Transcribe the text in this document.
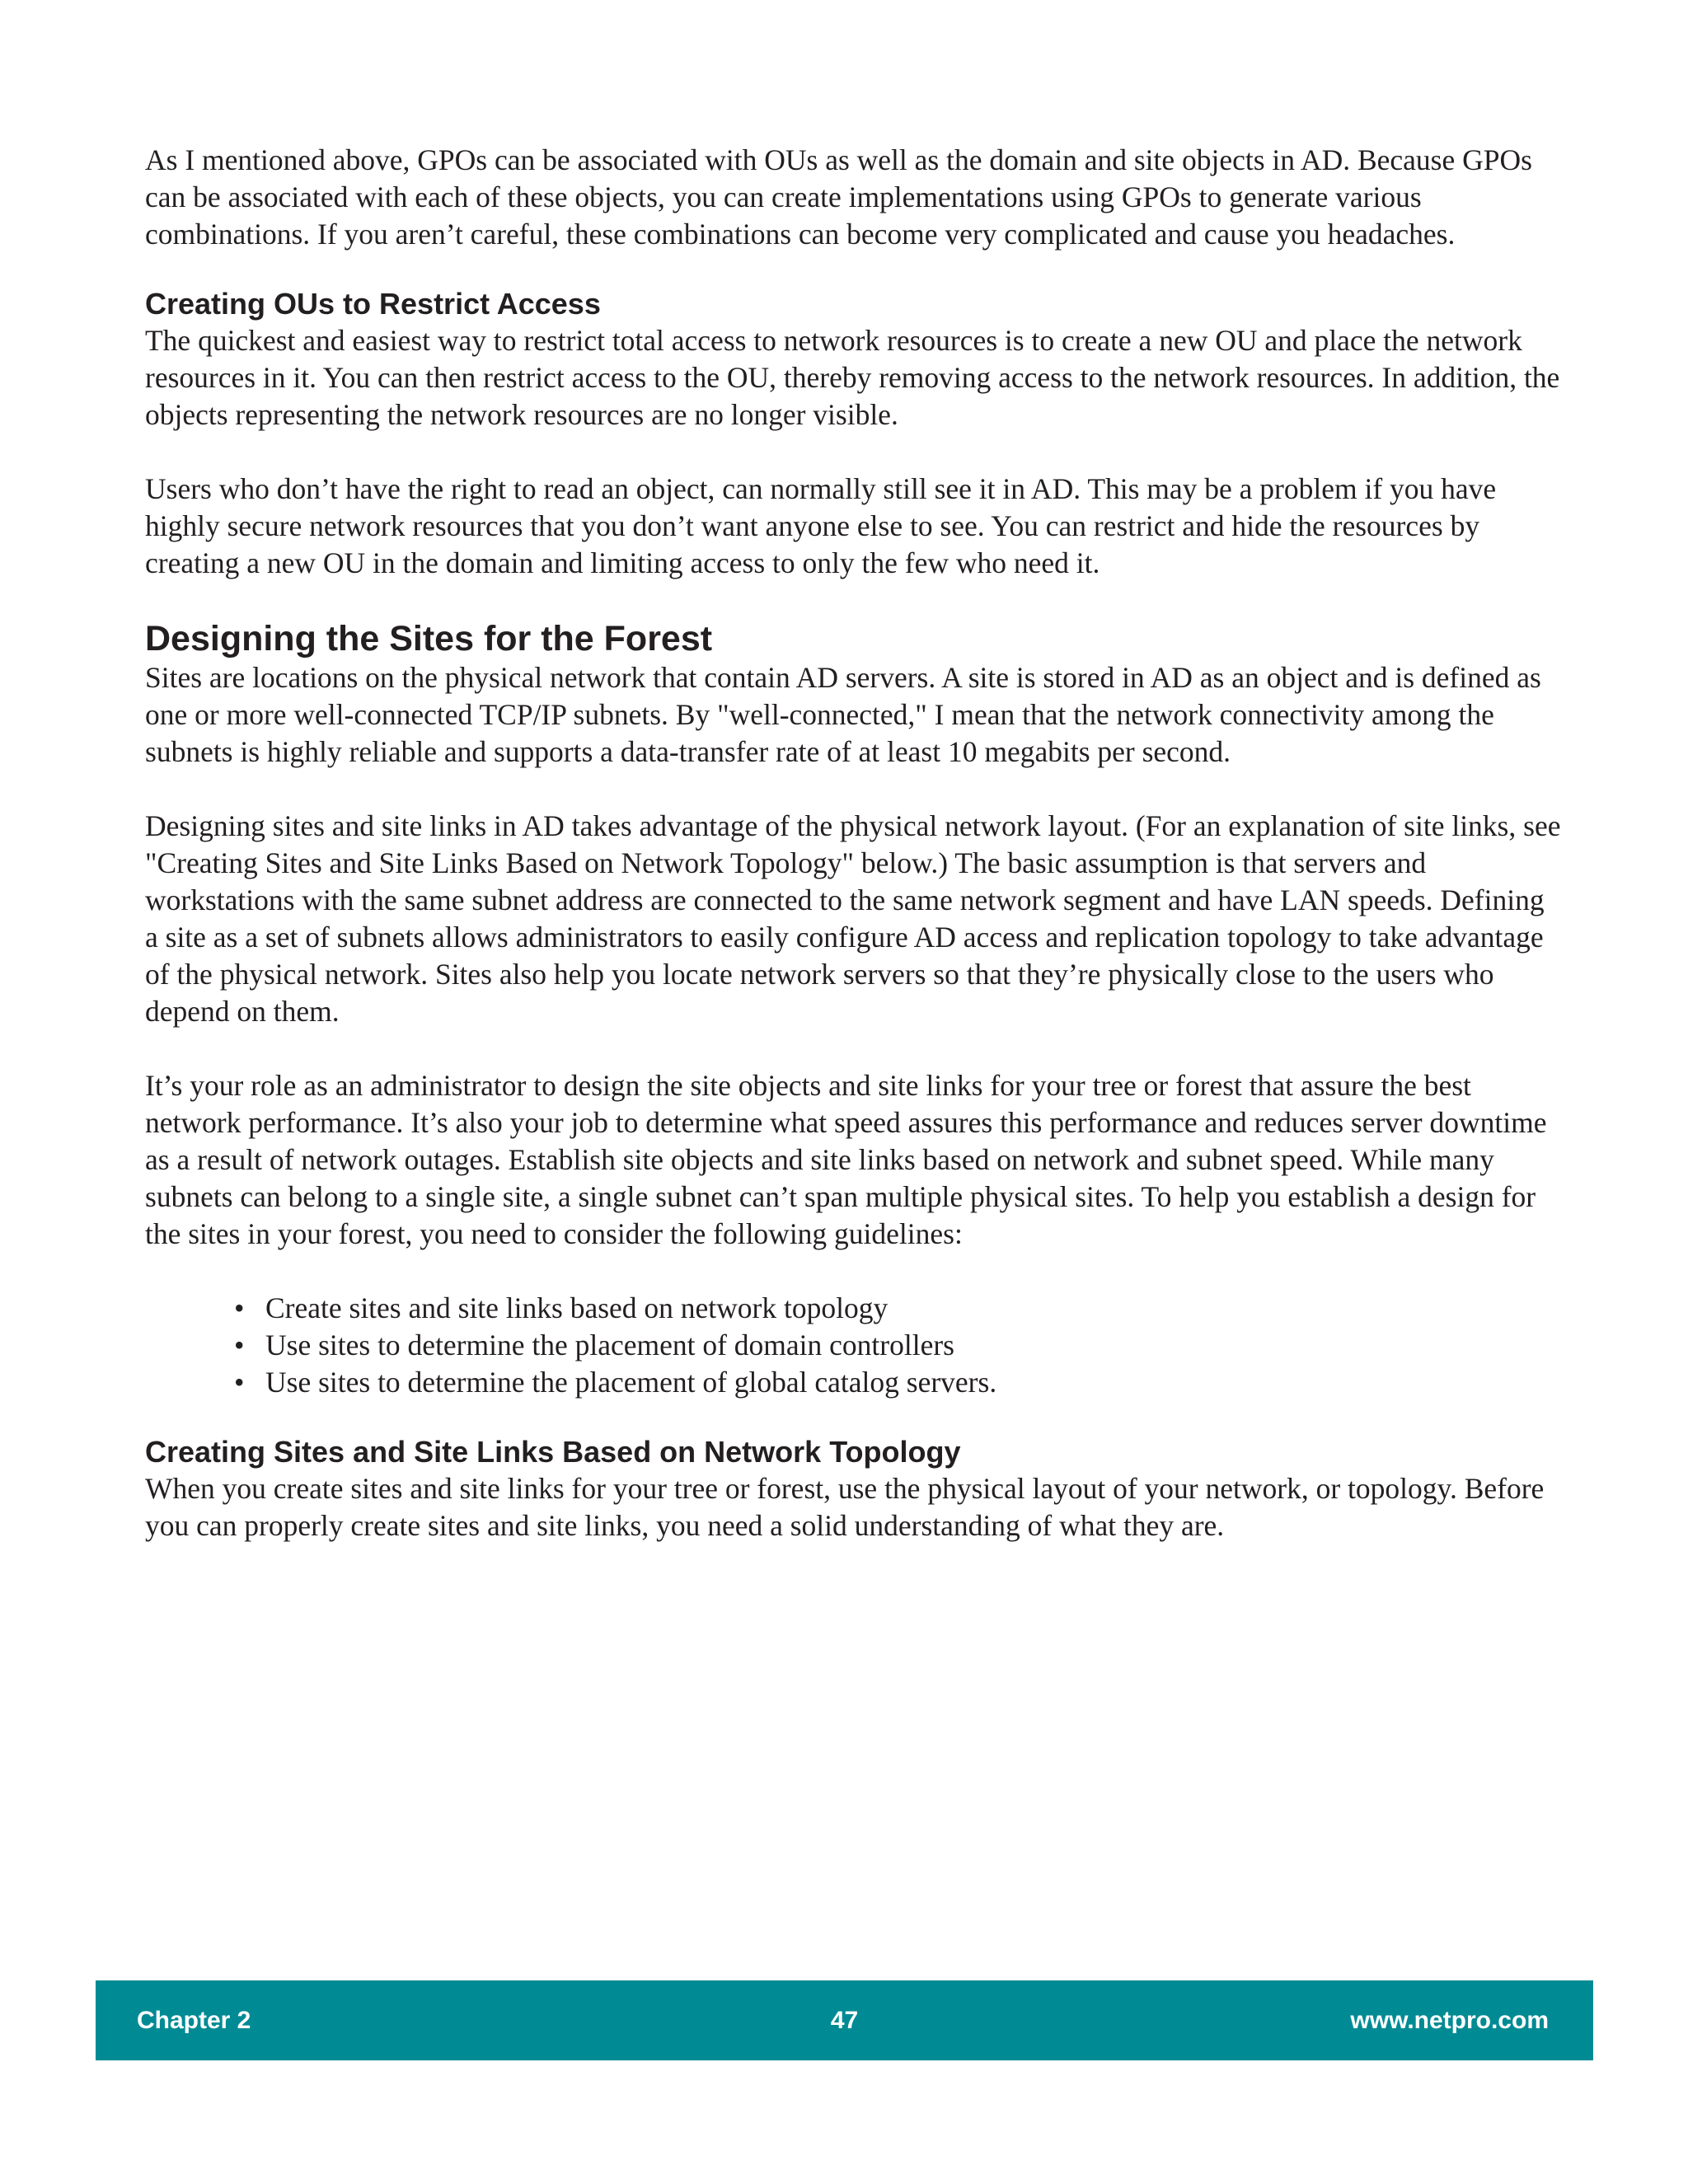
As I mentioned above, GPOs can be associated with OUs as well as the domain and site objects in AD. Because GPOs can be associated with each of these objects, you can create implementations using GPOs to generate various combinations. If you aren’t careful, these combinations can become very complicated and cause you headaches.

Creating OUs to Restrict Access

The quickest and easiest way to restrict total access to network resources is to create a new OU and place the network resources in it. You can then restrict access to the OU, thereby removing access to the network resources. In addition, the objects representing the network resources are no longer visible.

Users who don’t have the right to read an object, can normally still see it in AD. This may be a problem if you have highly secure network resources that you don’t want anyone else to see. You can restrict and hide the resources by creating a new OU in the domain and limiting access to only the few who need it.

Designing the Sites for the Forest

Sites are locations on the physical network that contain AD servers. A site is stored in AD as an object and is defined as one or more well-connected TCP/IP subnets. By "well-connected," I mean that the network connectivity among the subnets is highly reliable and supports a data-transfer rate of at least 10 megabits per second.

Designing sites and site links in AD takes advantage of the physical network layout. (For an explanation of site links, see "Creating Sites and Site Links Based on Network Topology" below.) The basic assumption is that servers and workstations with the same subnet address are connected to the same network segment and have LAN speeds. Defining a site as a set of subnets allows administrators to easily configure AD access and replication topology to take advantage of the physical network. Sites also help you locate network servers so that they’re physically close to the users who depend on them.

It’s your role as an administrator to design the site objects and site links for your tree or forest that assure the best network performance. It’s also your job to determine what speed assures this performance and reduces server downtime as a result of network outages. Establish site objects and site links based on network and subnet speed. While many subnets can belong to a single site, a single subnet can’t span multiple physical sites. To help you establish a design for the sites in your forest, you need to consider the following guidelines:

• Create sites and site links based on network topology
• Use sites to determine the placement of domain controllers
• Use sites to determine the placement of global catalog servers.
Creating Sites and Site Links Based on Network Topology

When you create sites and site links for your tree or forest, use the physical layout of your network, or topology. Before you can properly create sites and site links, you need a solid understanding of what they are.

Chapter 2	47	www.netpro.com
